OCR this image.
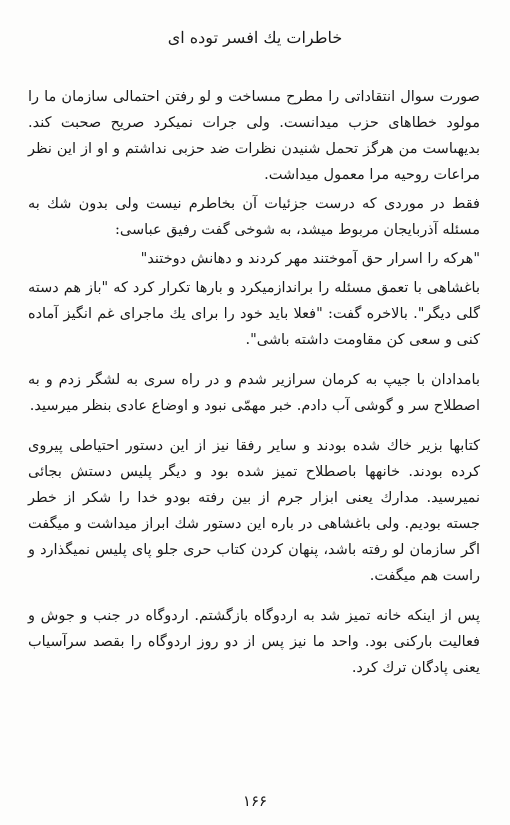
خاطرات يك افسر توده اى

صورت سوال انتقاداتى را مطرح مىساخت و لو رفتن احتمالى سازمان ما را مولود خطاهاى حزب ميدانست. ولى جرات نميكرد صريح صحبت كند. بديهىاست من هرگز تحمل شنيدن نظرات ضد حزبى نداشتم و او از اين نظر مراعات روحيه مرا معمول ميداشت.

فقط در موردى كه درست جزئيات آن بخاطرم نيست ولى بدون شك به مسئله آذربايجان مربوط ميشد، به شوخى گفت رفيق عباسى:

"هركه را اسرار حق آموختند مهر كردند و دهانش دوختند"

باغشاهى با تعمق مسئله را براندازميكرد و بارها تكرار كرد كه "باز هم دسته گلى ديگر". بالاخره گفت: "فعلا بايد خود را براى يك ماجراى غم انگيز آماده كنى و سعى كن مقاومت داشته باشى".

بامدادان با جيپ به كرمان سرازير شدم و در راه سرى به لشگر زدم و به اصطلاح سر و گوشى آب دادم. خبر مهمّى نبود و اوضاع عادى بنظر ميرسيد.

كتابها بزير خاك شده بودند و ساير رفقا نيز از اين دستور احتياطى پيروى كرده بودند. خانهها باصطلاح تميز شده بود و ديگر پليس دستش بجائى نميرسيد. مدارك يعنى ابزار جرم از بين رفته بودو خدا را شكر از خطر جسته بوديم. ولى باغشاهى در باره اين دستور شك ابراز ميداشت و ميگفت اگر سازمان لو رفته باشد، پنهان كردن كتاب حرى جلو پاى پليس نميگذارد و راست هم ميگفت.

پس از اينكه خانه تميز شد به اردوگاه بازگشتم. اردوگاه در جنب و جوش و فعاليت باركنى بود. واحد ما نيز پس از دو روز اردوگاه را بقصد سرآسياب يعنى پادگان ترك كرد.

۱۶۶
